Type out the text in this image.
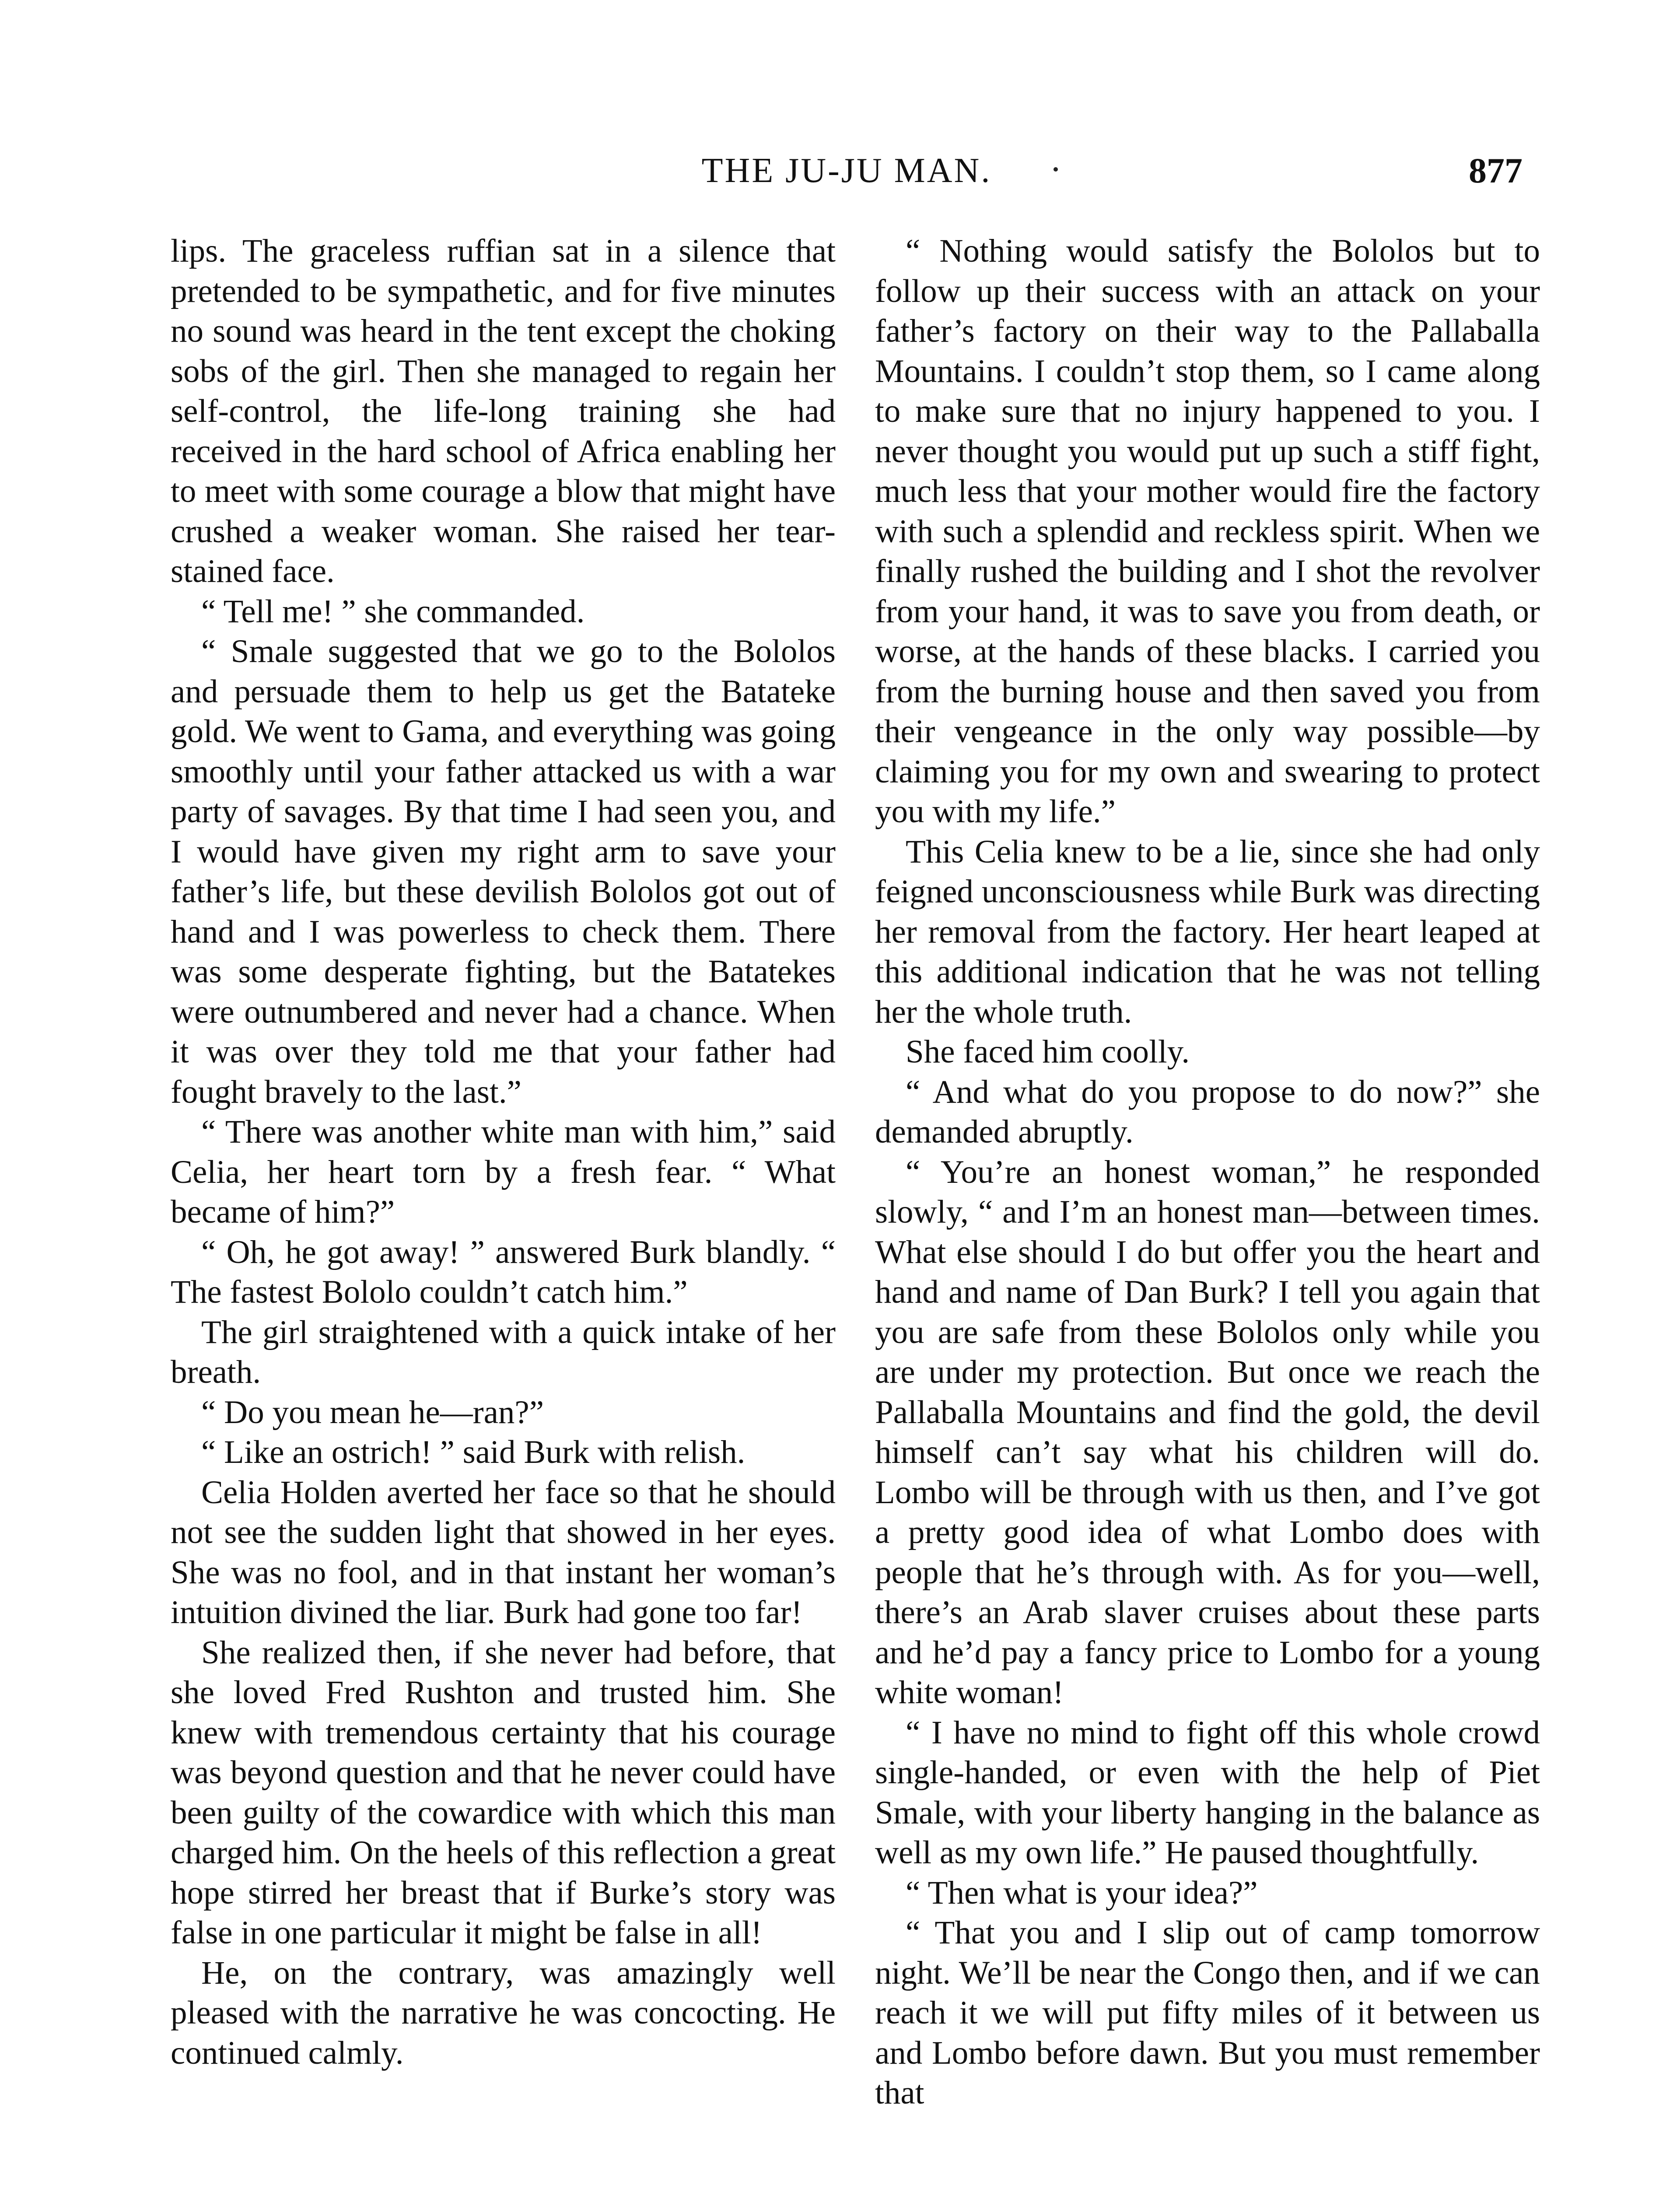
THE JU-JU MAN.	877

lips. The graceless ruffian sat in a silence that pretended to be sympathetic, and for five minutes no sound was heard in the tent except the choking sobs of the girl. Then she managed to regain her self-control, the life-long training she had received in the hard school of Africa enabling her to meet with some courage a blow that might have crushed a weaker woman. She raised her tear-stained face.

“ Tell me! ” she commanded.

“ Smale suggested that we go to the Bololos and persuade them to help us get the Batateke gold. We went to Gama, and everything was going smoothly until your father attacked us with a war party of savages. By that time I had seen you, and I would have given my right arm to save your father’s life, but these devilish Bololos got out of hand and I was powerless to check them. There was some desperate fighting, but the Batatekes were outnumbered and never had a chance. When it was over they told me that your father had fought bravely to the last.”

“ There was another white man with him,” said Celia, her heart torn by a fresh fear. “ What became of him?”

“ Oh, he got away! ” answered Burk blandly. “ The fastest Bololo couldn’t catch him.”

The girl straightened with a quick intake of her breath.

“ Do you mean he—ran?”

“ Like an ostrich! ” said Burk with relish.

Celia Holden averted her face so that he should not see the sudden light that showed in her eyes. She was no fool, and in that instant her woman’s intuition divined the liar. Burk had gone too far!

She realized then, if she never had before, that she loved Fred Rushton and trusted him. She knew with tremendous certainty that his courage was beyond question and that he never could have been guilty of the cowardice with which this man charged him. On the heels of this reflection a great hope stirred her breast that if Burke’s story was false in one particular it might be false in all!

He, on the contrary, was amazingly well pleased with the narrative he was concocting. He continued calmly.

“ Nothing would satisfy the Bololos but to follow up their success with an attack on your father’s factory on their way to the Pallaballa Mountains. I couldn’t stop them, so I came along to make sure that no injury happened to you. I never thought you would put up such a stiff fight, much less that your mother would fire the factory with such a splendid and reckless spirit. When we finally rushed the building and I shot the revolver from your hand, it was to save you from death, or worse, at the hands of these blacks. I carried you from the burning house and then saved you from their vengeance in the only way possible—by claiming you for my own and swearing to protect you with my life.”

This Celia knew to be a lie, since she had only feigned unconsciousness while Burk was directing her removal from the factory. Her heart leaped at this additional indication that he was not telling her the whole truth.

She faced him coolly.

“ And what do you propose to do now?” she demanded abruptly.

“ You’re an honest woman,” he responded slowly, “ and I’m an honest man—between times. What else should I do but offer you the heart and hand and name of Dan Burk? I tell you again that you are safe from these Bololos only while you are under my protection. But once we reach the Pallaballa Mountains and find the gold, the devil himself can’t say what his children will do. Lombo will be through with us then, and I’ve got a pretty good idea of what Lombo does with people that he’s through with. As for you—well, there’s an Arab slaver cruises about these parts and he’d pay a fancy price to Lombo for a young white woman!

“ I have no mind to fight off this whole crowd single-handed, or even with the help of Piet Smale, with your liberty hanging in the balance as well as my own life.” He paused thoughtfully.

“ Then what is your idea?”

“ That you and I slip out of camp tomorrow night. We’ll be near the Congo then, and if we can reach it we will put fifty miles of it between us and Lombo before dawn. But you must remember that
